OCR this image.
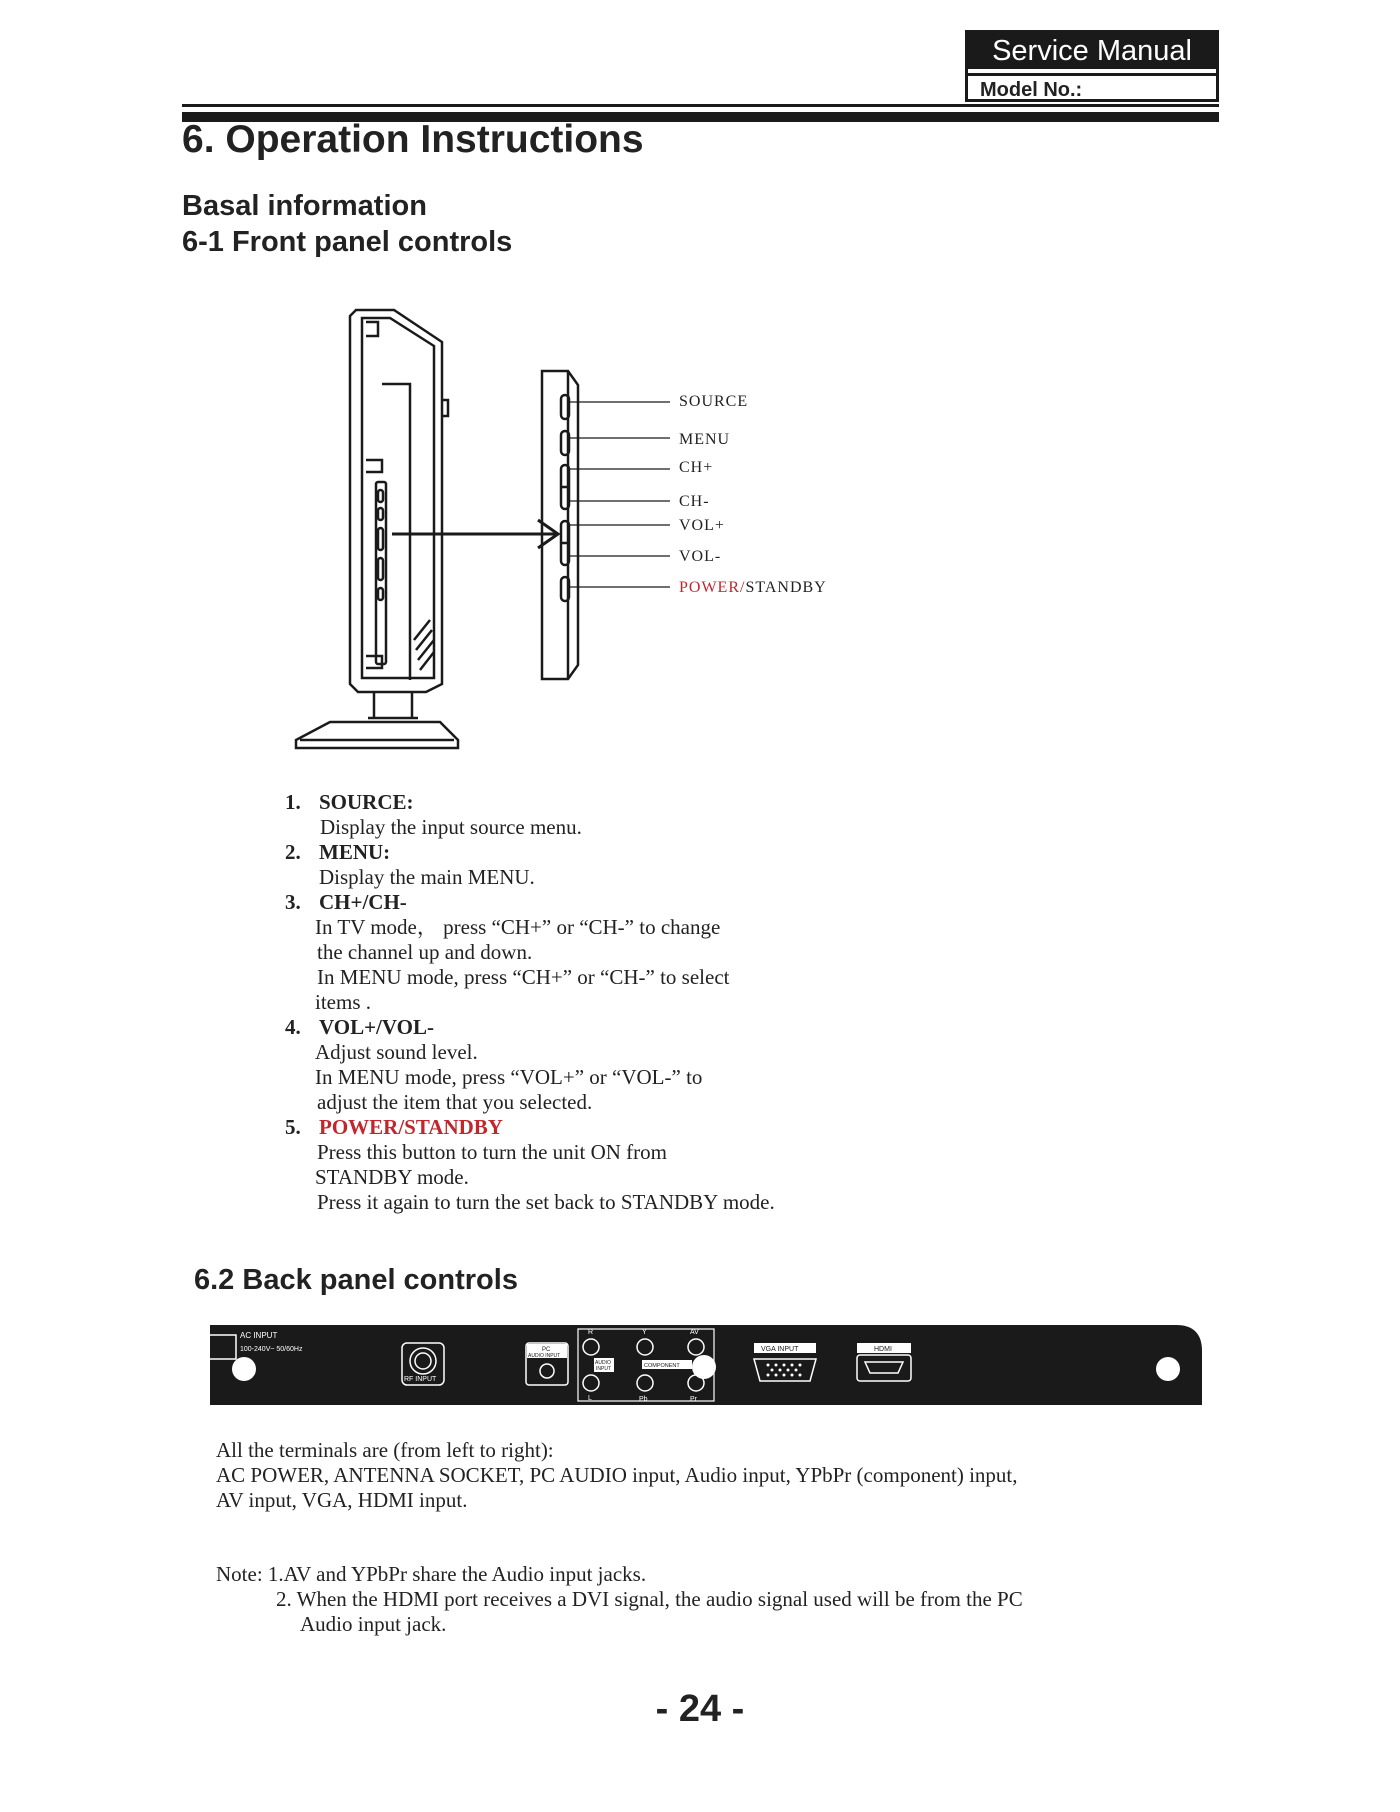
Service Manual
Model No.:
6. Operation Instructions
Basal information
6-1 Front panel controls
SOURCE
MENU
CH+
CH-
VOL+
VOL-
POWER/STANDBY
1. SOURCE:
Display the input source menu.
2. MENU:
Display the main MENU.
3. CH+/CH-
In TV mode， press “CH+” or “CH-” to change
the channel up and down.
In MENU mode, press “CH+” or “CH-” to select
items .
4. VOL+/VOL-
Adjust sound level.
In MENU mode, press “VOL+” or “VOL-” to
adjust the item that you selected.
5. POWER/STANDBY
Press this button to turn the unit ON from
STANDBY mode.
Press it again to turn the set back to STANDBY mode.
6.2 Back panel controls
AC INPUT
100-240V~ 50/60Hz
RF INPUT
PC
AUDIO INPUT
R
AUDIO
INPUT
L
Y
COMPONENT
Pb
AV
Pr
VGA INPUT	HDMI
All the terminals are (from left to right):
AC POWER, ANTENNA SOCKET, PC AUDIO input, Audio input, YPbPr (component) input,
AV input, VGA, HDMI input.
Note: 1.AV and YPbPr share the Audio input jacks.
2. When the HDMI port receives a DVI signal, the audio signal used will be from the PC
Audio input jack.
- 24 -
